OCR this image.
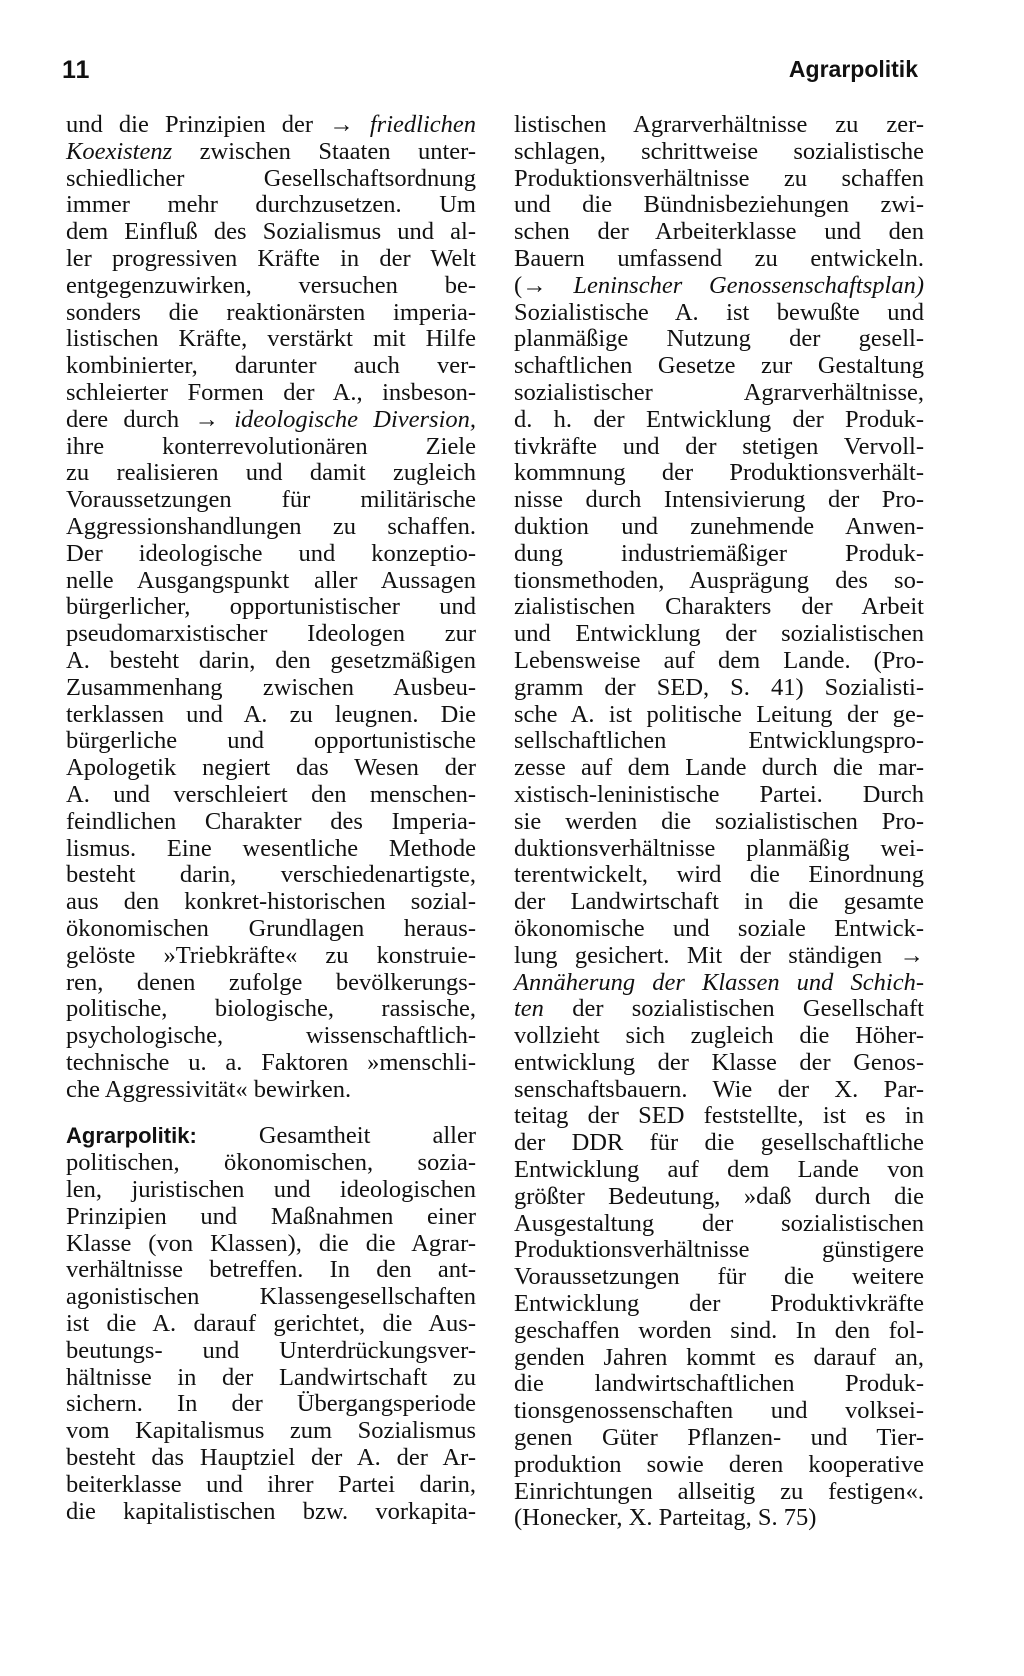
11	Agrarpolitik
und die Prinzipien der → friedlichen
Koexistenz zwischen Staaten unter-
schiedlicher Gesellschaftsordnung
immer mehr durchzusetzen. Um
dem Einfluß des Sozialismus und al-
ler progressiven Kräfte in der Welt
entgegenzuwirken, versuchen be-
sonders die reaktionärsten imperia-
listischen Kräfte, verstärkt mit Hilfe
kombinierter, darunter auch ver-
schleierter Formen der A., insbeson-
dere durch → ideologische Diversion,
ihre konterrevolutionären Ziele
zu realisieren und damit zugleich
Voraussetzungen für militärische
Aggressionshandlungen zu schaffen.
Der ideologische und konzeptio-
nelle Ausgangspunkt aller Aussagen
bürgerlicher, opportunistischer und
pseudomarxistischer Ideologen zur
A. besteht darin, den gesetzmäßigen
Zusammenhang zwischen Ausbeu-
terklassen und A. zu leugnen. Die
bürgerliche und opportunistische
Apologetik negiert das Wesen der
A. und verschleiert den menschen-
feindlichen Charakter des Imperia-
lismus. Eine wesentliche Methode
besteht darin, verschiedenartigste,
aus den konkret-historischen sozial-
ökonomischen Grundlagen heraus-
gelöste »Triebkräfte« zu konstruie-
ren, denen zufolge bevölkerungs-
politische, biologische, rassische,
psychologische, wissenschaftlich-
technische u. a. Faktoren »menschli-
che Aggressivität« bewirken.
Agrarpolitik: Gesamtheit aller
politischen, ökonomischen, sozia-
len, juristischen und ideologischen
Prinzipien und Maßnahmen einer
Klasse (von Klassen), die die Agrar-
verhältnisse betreffen. In den ant-
agonistischen Klassengesellschaften
ist die A. darauf gerichtet, die Aus-
beutungs- und Unterdrückungsver-
hältnisse in der Landwirtschaft zu
sichern. In der Übergangsperiode
vom Kapitalismus zum Sozialismus
besteht das Hauptziel der A. der Ar-
beiterklasse und ihrer Partei darin,
die kapitalistischen bzw. vorkapita-
listischen Agrarverhältnisse zu zer-
schlagen, schrittweise sozialistische
Produktionsverhältnisse zu schaffen
und die Bündnisbeziehungen zwi-
schen der Arbeiterklasse und den
Bauern umfassend zu entwickeln.
(→ Leninscher Genossenschaftsplan)
Sozialistische A. ist bewußte und
planmäßige Nutzung der gesell-
schaftlichen Gesetze zur Gestaltung
sozialistischer Agrarverhältnisse,
d. h. der Entwicklung der Produk-
tivkräfte und der stetigen Vervoll-
kommnung der Produktionsverhält-
nisse durch Intensivierung der Pro-
duktion und zunehmende Anwen-
dung industriemäßiger Produk-
tionsmethoden, Ausprägung des so-
zialistischen Charakters der Arbeit
und Entwicklung der sozialistischen
Lebensweise auf dem Lande. (Pro-
gramm der SED, S. 41) Sozialisti-
sche A. ist politische Leitung der ge-
sellschaftlichen Entwicklungspro-
zesse auf dem Lande durch die mar-
xistisch-leninistische Partei. Durch
sie werden die sozialistischen Pro-
duktionsverhältnisse planmäßig wei-
terentwickelt, wird die Einordnung
der Landwirtschaft in die gesamte
ökonomische und soziale Entwick-
lung gesichert. Mit der ständigen →
Annäherung der Klassen und Schich-
ten der sozialistischen Gesellschaft
vollzieht sich zugleich die Höher-
entwicklung der Klasse der Genos-
senschaftsbauern. Wie der X. Par-
teitag der SED feststellte, ist es in
der DDR für die gesellschaftliche
Entwicklung auf dem Lande von
größter Bedeutung, »daß durch die
Ausgestaltung der sozialistischen
Produktionsverhältnisse günstigere
Voraussetzungen für die weitere
Entwicklung der Produktivkräfte
geschaffen worden sind. In den fol-
genden Jahren kommt es darauf an,
die landwirtschaftlichen Produk-
tionsgenossenschaften und volksei-
genen Güter Pflanzen- und Tier-
produktion sowie deren kooperative
Einrichtungen allseitig zu festigen«.
(Honecker, X. Parteitag, S. 75)
